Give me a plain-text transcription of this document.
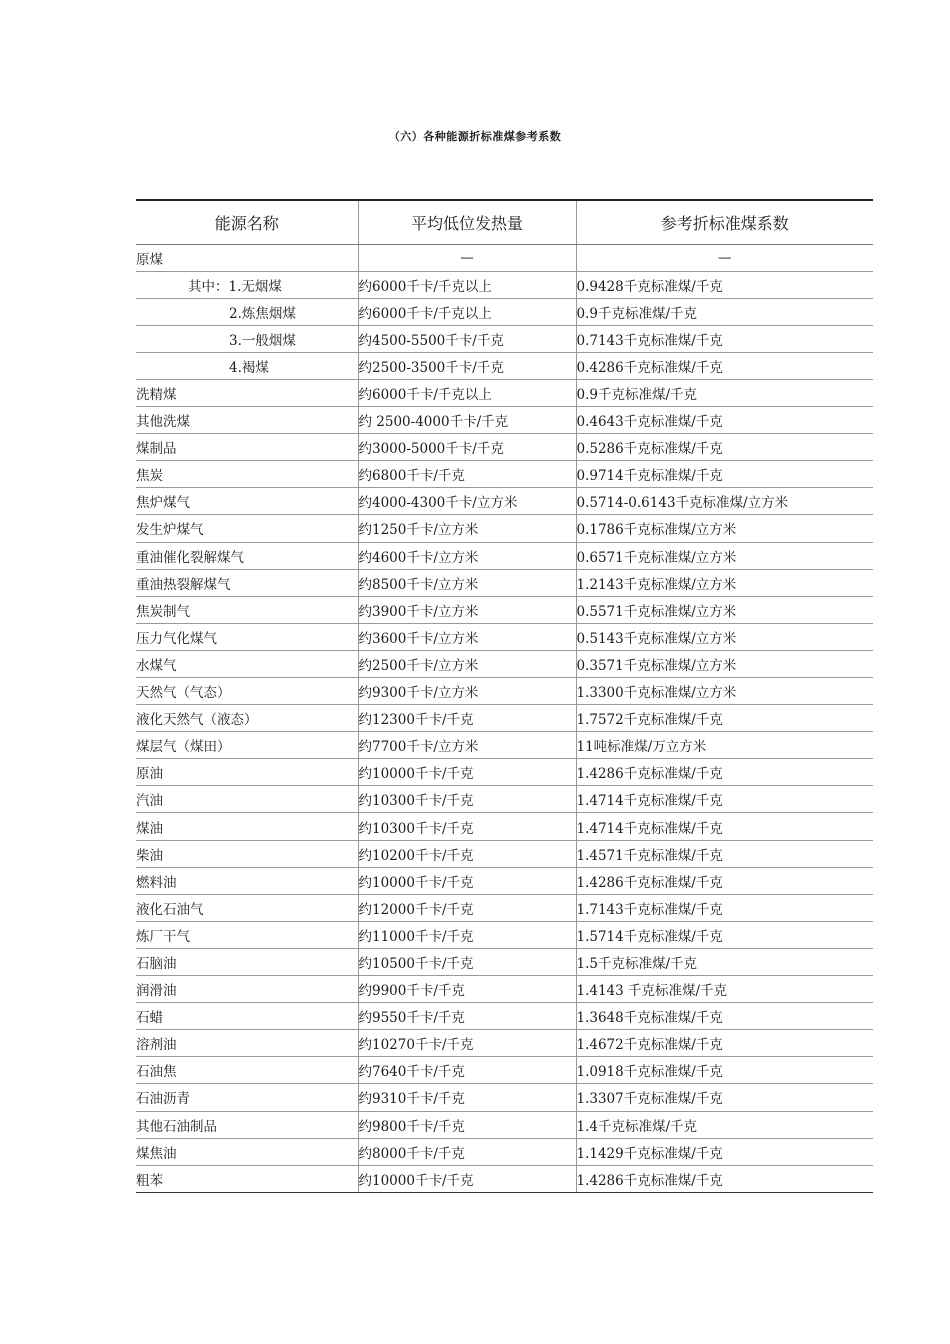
（六）各种能源折标准煤参考系数
能源名称	平均低位发热量	参考折标准煤系数
原煤	—	—
其中：1.无烟煤	约6000千卡/千克以上	0.9428千克标准煤/千克
2.炼焦烟煤	约6000千卡/千克以上	0.9千克标准煤/千克
3.一般烟煤	约4500-5500千卡/千克	0.7143千克标准煤/千克
4.褐煤	约2500-3500千卡/千克	0.4286千克标准煤/千克
洗精煤	约6000千卡/千克以上	0.9千克标准煤/千克
其他洗煤	约 2500-4000千卡/千克	0.4643千克标准煤/千克
煤制品	约3000-5000千卡/千克	0.5286千克标准煤/千克
焦炭	约6800千卡/千克	0.9714千克标准煤/千克
焦炉煤气	约4000-4300千卡/立方米	0.5714-0.6143千克标准煤/立方米
发生炉煤气	约1250千卡/立方米	0.1786千克标准煤/立方米
重油催化裂解煤气	约4600千卡/立方米	0.6571千克标准煤/立方米
重油热裂解煤气	约8500千卡/立方米	1.2143千克标准煤/立方米
焦炭制气	约3900千卡/立方米	0.5571千克标准煤/立方米
压力气化煤气	约3600千卡/立方米	0.5143千克标准煤/立方米
水煤气	约2500千卡/立方米	0.3571千克标准煤/立方米
天然气（气态）	约9300千卡/立方米	1.3300千克标准煤/立方米
液化天然气（液态）	约12300千卡/千克	1.7572千克标准煤/千克
煤层气（煤田）	约7700千卡/立方米	11吨标准煤/万立方米
原油	约10000千卡/千克	1.4286千克标准煤/千克
汽油	约10300千卡/千克	1.4714千克标准煤/千克
煤油	约10300千卡/千克	1.4714千克标准煤/千克
柴油	约10200千卡/千克	1.4571千克标准煤/千克
燃料油	约10000千卡/千克	1.4286千克标准煤/千克
液化石油气	约12000千卡/千克	1.7143千克标准煤/千克
炼厂干气	约11000千卡/千克	1.5714千克标准煤/千克
石脑油	约10500千卡/千克	1.5千克标准煤/千克
润滑油	约9900千卡/千克	1.4143 千克标准煤/千克
石蜡	约9550千卡/千克	1.3648千克标准煤/千克
溶剂油	约10270千卡/千克	1.4672千克标准煤/千克
石油焦	约7640千卡/千克	1.0918千克标准煤/千克
石油沥青	约9310千卡/千克	1.3307千克标准煤/千克
其他石油制品	约9800千卡/千克	1.4千克标准煤/千克
煤焦油	约8000千卡/千克	1.1429千克标准煤/千克
粗苯	约10000千卡/千克	1.4286千克标准煤/千克
